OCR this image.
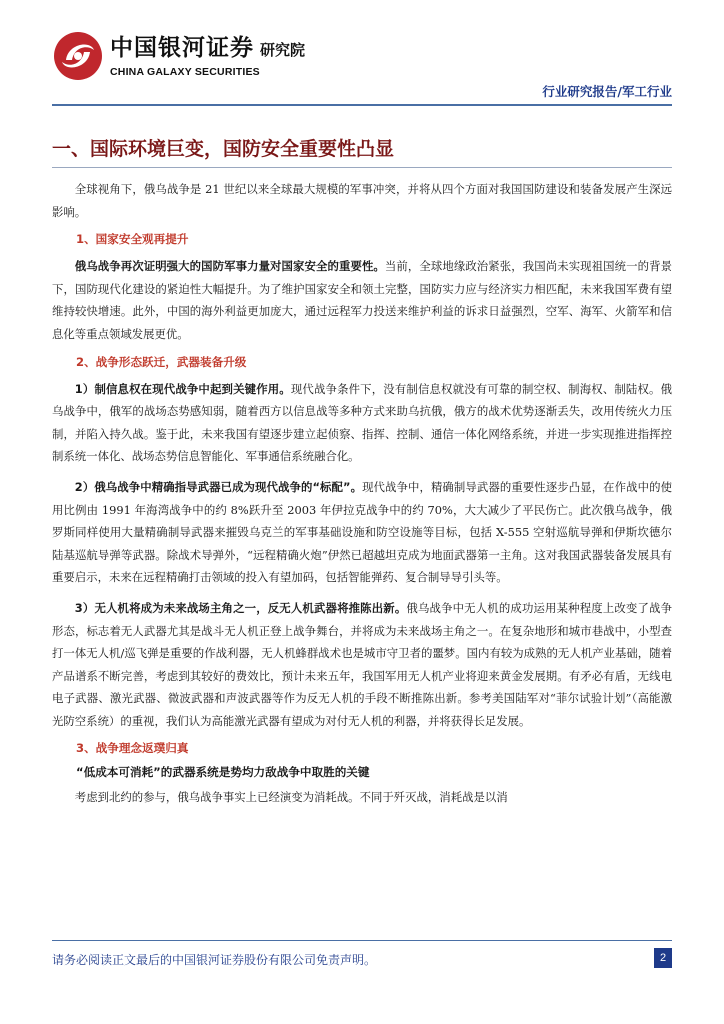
中国银河证券 研究院
CHINA GALAXY SECURITIES
行业研究报告/军工行业
一、国际环境巨变，国防安全重要性凸显

全球视角下，俄乌战争是 21 世纪以来全球最大规模的军事冲突，并将从四个方面对我国国防建设和装备发展产生深远影响。

1、国家安全观再提升

俄乌战争再次证明强大的国防军事力量对国家安全的重要性。当前，全球地缘政治紧张，我国尚未实现祖国统一的背景下，国防现代化建设的紧迫性大幅提升。为了维护国家安全和领土完整，国防实力应与经济实力相匹配，未来我国军费有望维持较快增速。此外，中国的海外利益更加庞大，通过远程军力投送来维护利益的诉求日益强烈，空军、海军、火箭军和信息化等重点领域发展更优。

2、战争形态跃迁，武器装备升级

1）制信息权在现代战争中起到关键作用。现代战争条件下，没有制信息权就没有可靠的制空权、制海权、制陆权。俄乌战争中，俄军的战场态势感知弱，随着西方以信息战等多种方式来助乌抗俄，俄方的战术优势逐渐丢失，改用传统火力压制，并陷入持久战。鉴于此，未来我国有望逐步建立起侦察、指挥、控制、通信一体化网络系统，并进一步实现推进指挥控制系统一体化、战场态势信息智能化、军事通信系统融合化。

2）俄乌战争中精确指导武器已成为现代战争的“标配”。现代战争中，精确制导武器的重要性逐步凸显，在作战中的使用比例由 1991 年海湾战争中的约 8%跃升至 2003 年伊拉克战争中的约 70%，大大减少了平民伤亡。此次俄乌战争，俄罗斯同样使用大量精确制导武器来摧毁乌克兰的军事基础设施和防空设施等目标，包括 X-555 空射巡航导弹和伊斯坎德尔陆基巡航导弹等武器。除战术导弹外，“远程精确火炮”伊然已超越坦克成为地面武器第一主角。这对我国武器装备发展具有重要启示，未来在远程精确打击领域的投入有望加码，包括智能弹药、复合制导导引头等。

3）无人机将成为未来战场主角之一，反无人机武器将推陈出新。俄乌战争中无人机的成功运用某种程度上改变了战争形态，标志着无人武器尤其是战斗无人机正登上战争舞台，并将成为未来战场主角之一。在复杂地形和城市巷战中，小型查打一体无人机/巡飞弹是重要的作战利器，无人机蜂群战术也是城市守卫者的噩梦。国内有较为成熟的无人机产业基础，随着产品谱系不断完善，考虑到其较好的费效比，预计未来五年，我国军用无人机产业将迎来黄金发展期。有矛必有盾，无线电电子武器、激光武器、微波武器和声波武器等作为反无人机的手段不断推陈出新。参考美国陆军对“菲尔试验计划”（高能激光防空系统）的重视，我们认为高能激光武器有望成为对付无人机的利器，并将获得长足发展。

3、战争理念返璞归真
“低成本可消耗”的武器系统是势均力敌战争中取胜的关键

考虑到北约的参与，俄乌战争事实上已经演变为消耗战。不同于歼灭战，消耗战是以消

请务必阅读正文最后的中国银河证券股份有限公司免责声明。	2
